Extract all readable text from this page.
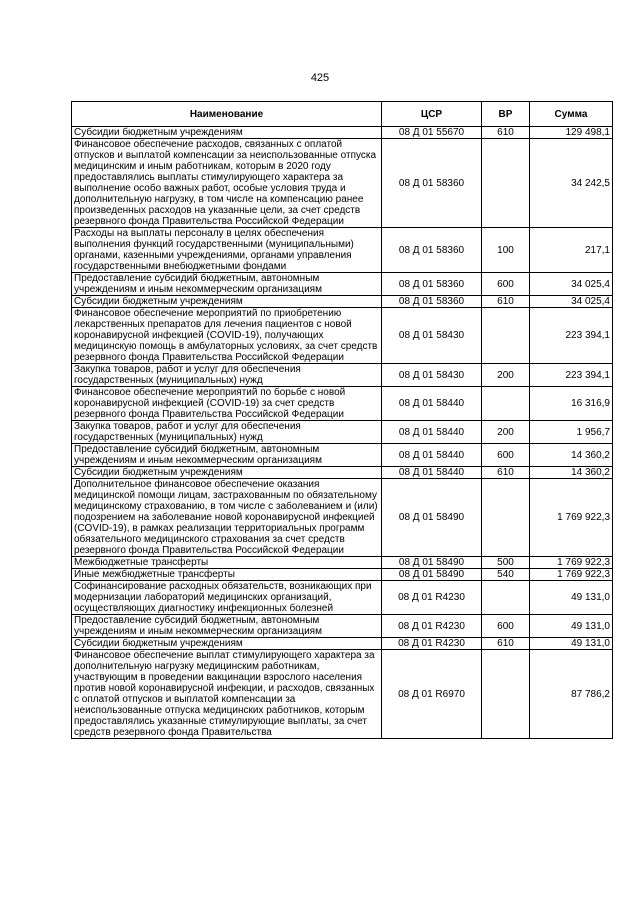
425
Наименование	ЦСР	ВР	Сумма
Субсидии бюджетным учреждениям	08 Д 01 55670	610	129 498,1
Финансовое обеспечение расходов, связанных с оплатой отпусков и выплатой компенсации за неиспользованные отпуска медицинским и иным работникам, которым в 2020 году предоставлялись выплаты стимулирующего характера за выполнение особо важных работ, особые условия труда и дополнительную нагрузку, в том числе на компенсацию ранее произведенных расходов на указанные цели, за счет средств резервного фонда Правительства Российской Федерации	08 Д 01 58360		34 242,5
Расходы на выплаты персоналу в целях обеспечения выполнения функций государственными (муниципальными) органами, казенными учреждениями, органами управления государственными внебюджетными фондами	08 Д 01 58360	100	217,1
Предоставление субсидий бюджетным, автономным учреждениям и иным некоммерческим организациям	08 Д 01 58360	600	34 025,4
Субсидии бюджетным учреждениям	08 Д 01 58360	610	34 025,4
Финансовое обеспечение мероприятий по приобретению лекарственных препаратов для лечения пациентов с новой коронавирусной инфекцией (COVID-19), получающих медицинскую помощь в амбулаторных условиях, за счет средств резервного фонда Правительства Российской Федерации	08 Д 01 58430		223 394,1
Закупка товаров, работ и услуг для обеспечения государственных (муниципальных) нужд	08 Д 01 58430	200	223 394,1
Финансовое обеспечение мероприятий по борьбе с новой коронавирусной инфекцией (COVID-19) за счет средств резервного фонда Правительства Российской Федерации	08 Д 01 58440		16 316,9
Закупка товаров, работ и услуг для обеспечения государственных (муниципальных) нужд	08 Д 01 58440	200	1 956,7
Предоставление субсидий бюджетным, автономным учреждениям и иным некоммерческим организациям	08 Д 01 58440	600	14 360,2
Субсидии бюджетным учреждениям	08 Д 01 58440	610	14 360,2
Дополнительное финансовое обеспечение оказания медицинской помощи лицам, застрахованным по обязательному медицинскому страхованию, в том числе с заболеванием и (или) подозрением на заболевание новой коронавирусной инфекцией (COVID-19), в рамках реализации территориальных программ обязательного медицинского страхования за счет средств резервного фонда Правительства Российской Федерации	08 Д 01 58490		1 769 922,3
Межбюджетные трансферты	08 Д 01 58490	500	1 769 922,3
Иные межбюджетные трансферты	08 Д 01 58490	540	1 769 922,3
Софинансирование расходных обязательств, возникающих при модернизации лабораторий медицинских организаций, осуществляющих диагностику инфекционных болезней	08 Д 01 R4230		49 131,0
Предоставление субсидий бюджетным, автономным учреждениям и иным некоммерческим организациям	08 Д 01 R4230	600	49 131,0
Субсидии бюджетным учреждениям	08 Д 01 R4230	610	49 131,0
Финансовое обеспечение выплат стимулирующего характера за дополнительную нагрузку медицинским работникам, участвующим в проведении вакцинации взрослого населения против новой коронавирусной инфекции, и расходов, связанных с оплатой отпусков и выплатой компенсации за неиспользованные отпуска медицинских работников, которым предоставлялись указанные стимулирующие выплаты, за счет средств резервного фонда Правительства	08 Д 01 R6970		87 786,2
